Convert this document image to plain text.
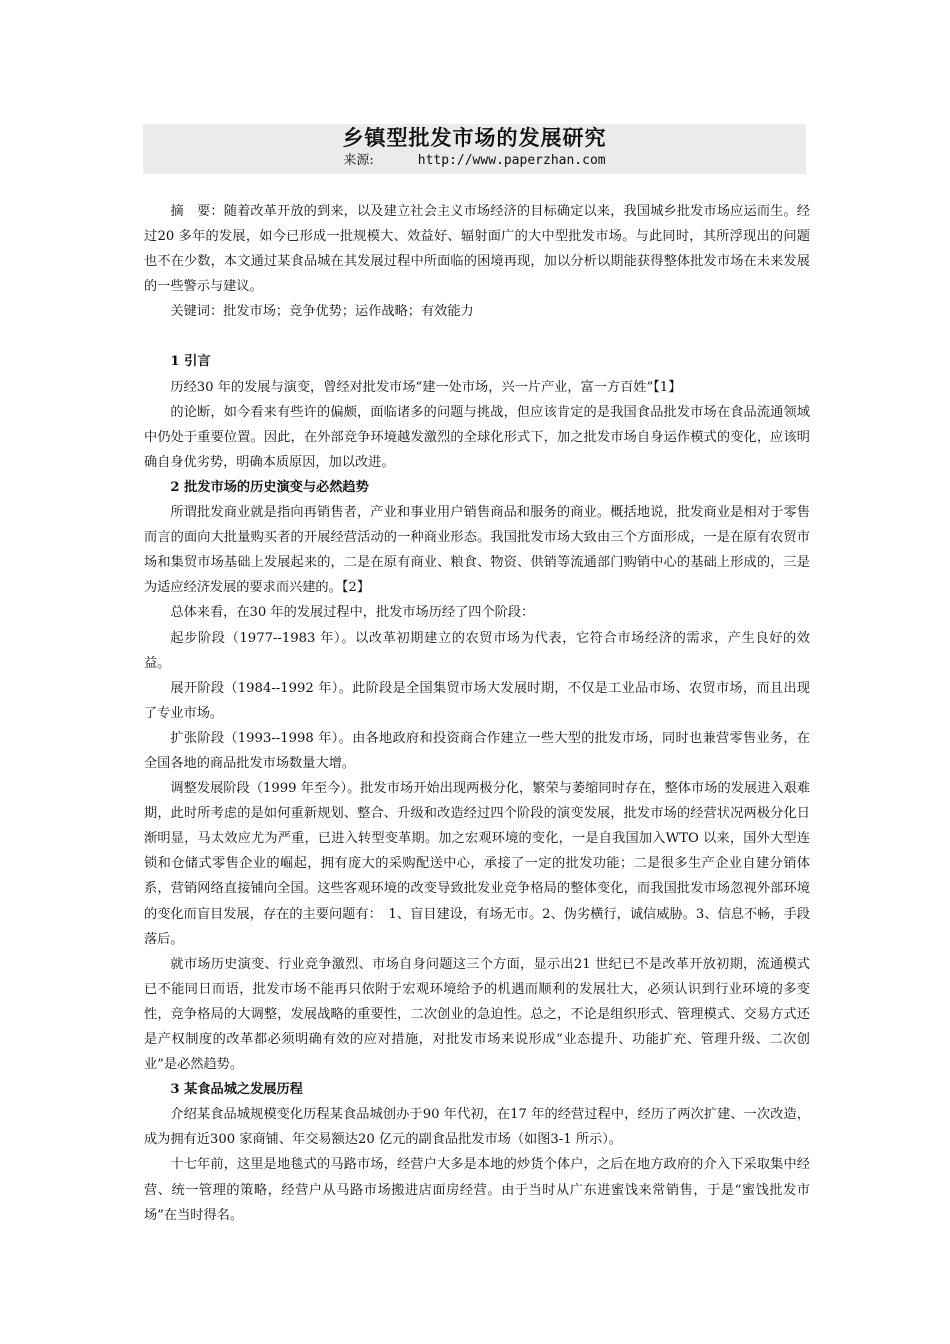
乡镇型批发市场的发展研究
来源:	http://www.paperzhan.com

摘　要：随着改革开放的到来，以及建立社会主义市场经济的目标确定以来，我国城乡批发市场应运而生。经过20 多年的发展，如今已形成一批规模大、效益好、辐射面广的大中型批发市场。与此同时，其所浮现出的问题也不在少数，本文通过某食品城在其发展过程中所面临的困境再现，加以分析以期能获得整体批发市场在未来发展的一些警示与建议。

关键词：批发市场；竞争优势；运作战略；有效能力

1 引言

历经30 年的发展与演变，曾经对批发市场“建一处市场，兴一片产业，富一方百姓”【1】

的论断，如今看来有些许的偏颇，面临诸多的问题与挑战，但应该肯定的是我国食品批发市场在食品流通领域中仍处于重要位置。因此，在外部竞争环境越发激烈的全球化形式下，加之批发市场自身运作模式的变化，应该明确自身优劣势，明确本质原因，加以改进。

2 批发市场的历史演变与必然趋势

所谓批发商业就是指向再销售者，产业和事业用户销售商品和服务的商业。概括地说，批发商业是相对于零售而言的面向大批量购买者的开展经营活动的一种商业形态。我国批发市场大致由三个方面形成，一是在原有农贸市场和集贸市场基础上发展起来的，二是在原有商业、粮食、物资、供销等流通部门购销中心的基础上形成的，三是为适应经济发展的要求而兴建的。【2】

总体来看，在30 年的发展过程中，批发市场历经了四个阶段：

起步阶段（1977--1983 年）。以改革初期建立的农贸市场为代表，它符合市场经济的需求，产生良好的效益。

展开阶段（1984--1992 年）。此阶段是全国集贸市场大发展时期，不仅是工业品市场、农贸市场，而且出现了专业市场。

扩张阶段（1993--1998 年）。由各地政府和投资商合作建立一些大型的批发市场，同时也兼营零售业务，在全国各地的商品批发市场数量大增。

调整发展阶段（1999 年至今）。批发市场开始出现两极分化，繁荣与萎缩同时存在，整体市场的发展进入艰难期，此时所考虑的是如何重新规划、整合、升级和改造经过四个阶段的演变发展，批发市场的经营状况两极分化日渐明显，马太效应尤为严重，已进入转型变革期。加之宏观环境的变化，一是自我国加入WTO 以来，国外大型连锁和仓储式零售企业的崛起，拥有庞大的采购配送中心，承接了一定的批发功能；二是很多生产企业自建分销体系，营销网络直接铺向全国。这些客观环境的改变导致批发业竞争格局的整体变化，而我国批发市场忽视外部环境的变化而盲目发展，存在的主要问题有：　1、盲目建设，有场无市。2、伪劣横行，诚信威胁。3、信息不畅，手段落后。

就市场历史演变、行业竞争激烈、市场自身问题这三个方面，显示出21 世纪已不是改革开放初期，流通模式已不能同日而语，批发市场不能再只依附于宏观环境给予的机遇而顺利的发展壮大，必须认识到行业环境的多变性，竞争格局的大调整，发展战略的重要性，二次创业的急迫性。总之，不论是组织形式、管理模式、交易方式还是产权制度的改革都必须明确有效的应对措施，对批发市场来说形成“业态提升、功能扩充、管理升级、二次创业”是必然趋势。

3 某食品城之发展历程

介绍某食品城规模变化历程某食品城创办于90 年代初，在17 年的经营过程中，经历了两次扩建、一次改造，成为拥有近300 家商铺、年交易额达20 亿元的副食品批发市场（如图3-1 所示）。

十七年前，这里是地毯式的马路市场，经营户大多是本地的炒货个体户，之后在地方政府的介入下采取集中经营、统一管理的策略，经营户从马路市场搬进店面房经营。由于当时从广东进蜜饯来常销售，于是“蜜饯批发市场”在当时得名。
